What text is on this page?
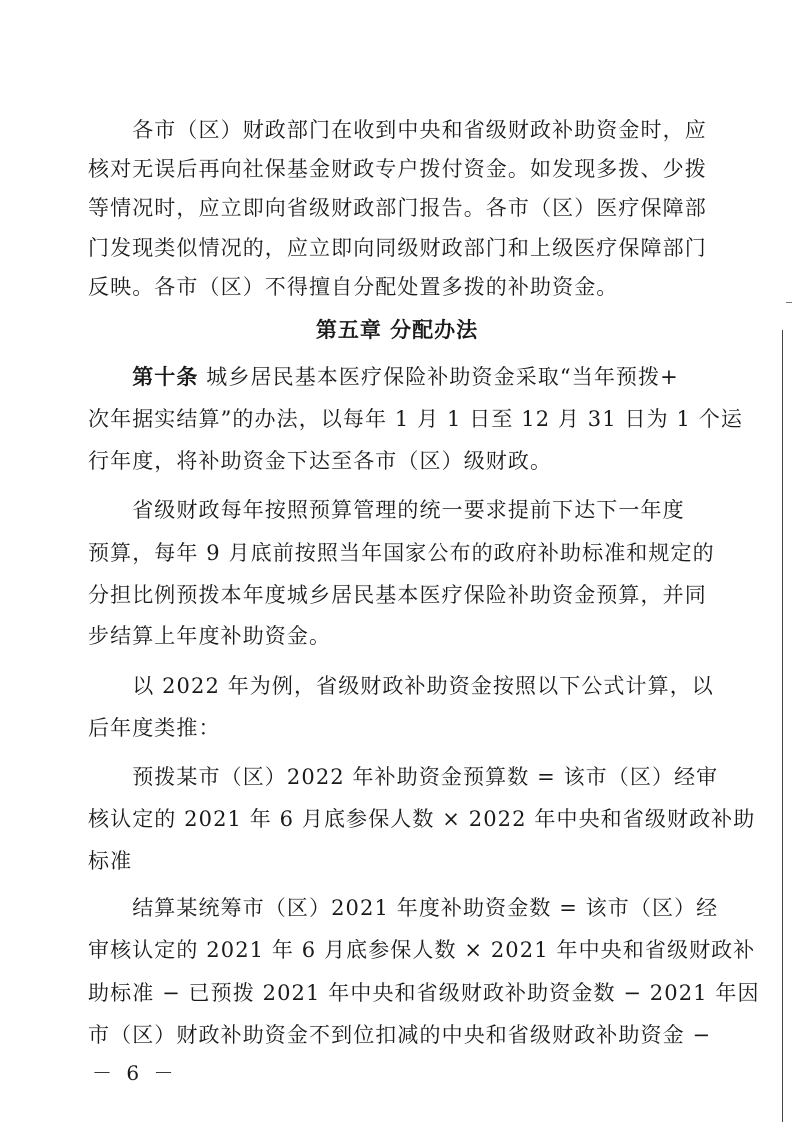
　　各市（区）财政部门在收到中央和省级财政补助资金时，应
核对无误后再向社保基金财政专户拨付资金。如发现多拨、少拨
等情况时，应立即向省级财政部门报告。各市（区）医疗保障部
门发现类似情况的，应立即向同级财政部门和上级医疗保障部门
反映。各市（区）不得擅自分配处置多拨的补助资金。
第五章 分配办法
　　第十条 城乡居民基本医疗保险补助资金采取“当年预拨+
次年据实结算”的办法，以每年 1 月 1 日至 12 月 31 日为 1 个运
行年度，将补助资金下达至各市（区）级财政。
　　省级财政每年按照预算管理的统一要求提前下达下一年度
预算，每年 9 月底前按照当年国家公布的政府补助标准和规定的
分担比例预拨本年度城乡居民基本医疗保险补助资金预算，并同
步结算上年度补助资金。
　　以 2022 年为例，省级财政补助资金按照以下公式计算，以
后年度类推：
　　预拨某市（区）2022 年补助资金预算数 = 该市（区）经审
核认定的 2021 年 6 月底参保人数 × 2022 年中央和省级财政补助
标准
　　结算某统筹市（区）2021 年度补助资金数 = 该市（区）经
审核认定的 2021 年 6 月底参保人数 × 2021 年中央和省级财政补
助标准 − 已预拨 2021 年中央和省级财政补助资金数 − 2021 年因
市（区）财政补助资金不到位扣减的中央和省级财政补助资金 −
－ 6 －
